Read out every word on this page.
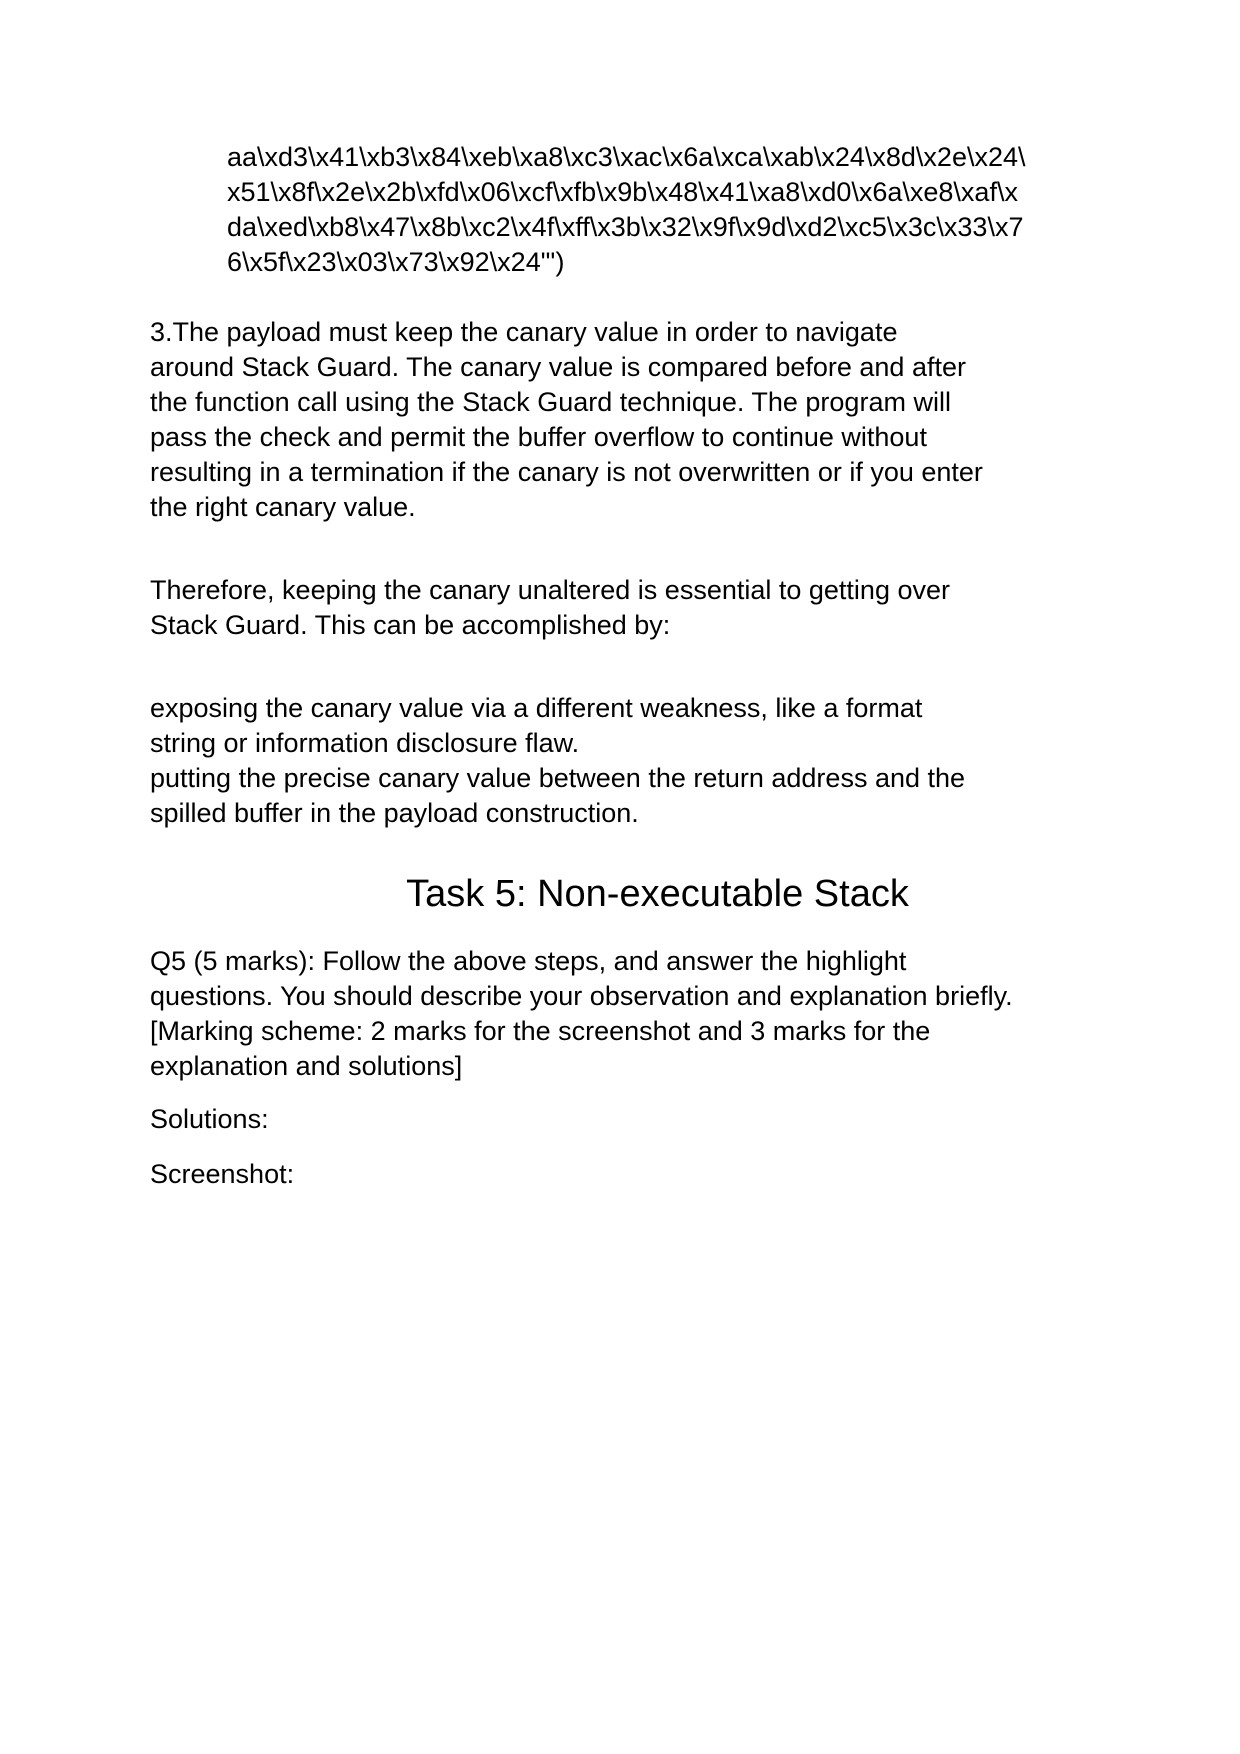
aa\xd3\x41\xb3\x84\xeb\xa8\xc3\xac\x6a\xca\xab\x24\x8d\x2e\x24\
x51\x8f\x2e\x2b\xfd\x06\xcf\xfb\x9b\x48\x41\xa8\xd0\x6a\xe8\xaf\x
da\xed\xb8\x47\x8b\xc2\x4f\xff\x3b\x32\x9f\x9d\xd2\xc5\x3c\x33\x7
6\x5f\x23\x03\x73\x92\x24"')
3.The payload must keep the canary value in order to navigate
around Stack Guard. The canary value is compared before and after
the function call using the Stack Guard technique. The program will
pass the check and permit the buffer overflow to continue without
resulting in a termination if the canary is not overwritten or if you enter
the right canary value.
Therefore, keeping the canary unaltered is essential to getting over
Stack Guard. This can be accomplished by:
exposing the canary value via a different weakness, like a format
string or information disclosure flaw.
putting the precise canary value between the return address and the
spilled buffer in the payload construction.
Task 5: Non-executable Stack
Q5 (5 marks): Follow the above steps, and answer the highlight
questions. You should describe your observation and explanation briefly.
[Marking scheme: 2 marks for the screenshot and 3 marks for the
explanation and solutions]
Solutions:
Screenshot:
